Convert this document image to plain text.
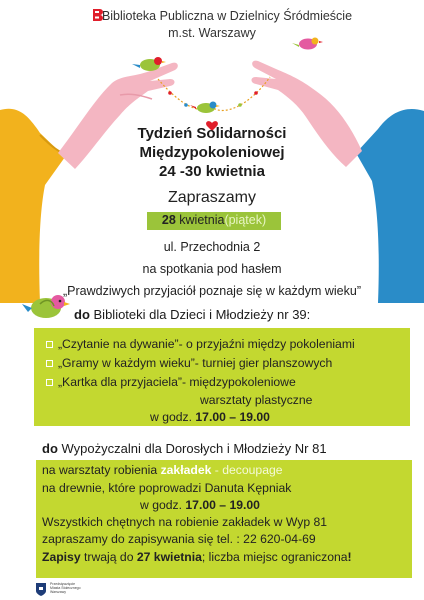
Biblioteka Publiczna w Dzielnicy Śródmieście
m.st. Warszawy
Tydzień Solidarności
Międzypokoleniowej
24 -30 kwietnia
Zapraszamy
28 kwietnia(piątek)
ul. Przechodnia 2
na spotkania pod hasłem
„Prawdziwych przyjaciół poznaje się w każdym wieku”
do Biblioteki dla Dzieci i Młodzieży nr 39:
„Czytanie na dywanie”- o przyjaźni między pokoleniami
„Gramy w każdym wieku”- turniej gier planszowych
„Kartka dla przyjaciela”- międzypokoleniowe
warsztaty plastyczne
w godz. 17.00 – 19.00
do Wypożyczalni dla Dorosłych i Młodzieży Nr 81
na warsztaty robienia zakładek - decoupage
na drewnie, które poprowadzi Danuta Kępniak
w godz. 17.00 – 19.00
Wszystkich chętnych na robienie zakładek w Wyp 81
zapraszamy do zapisywania się tel. : 22 620-04-69
Zapisy trwają do 27 kwietnia; liczba miejsc ograniczona!
Przedsięwzięcie
Miasta Stołecznego
Warszawy
